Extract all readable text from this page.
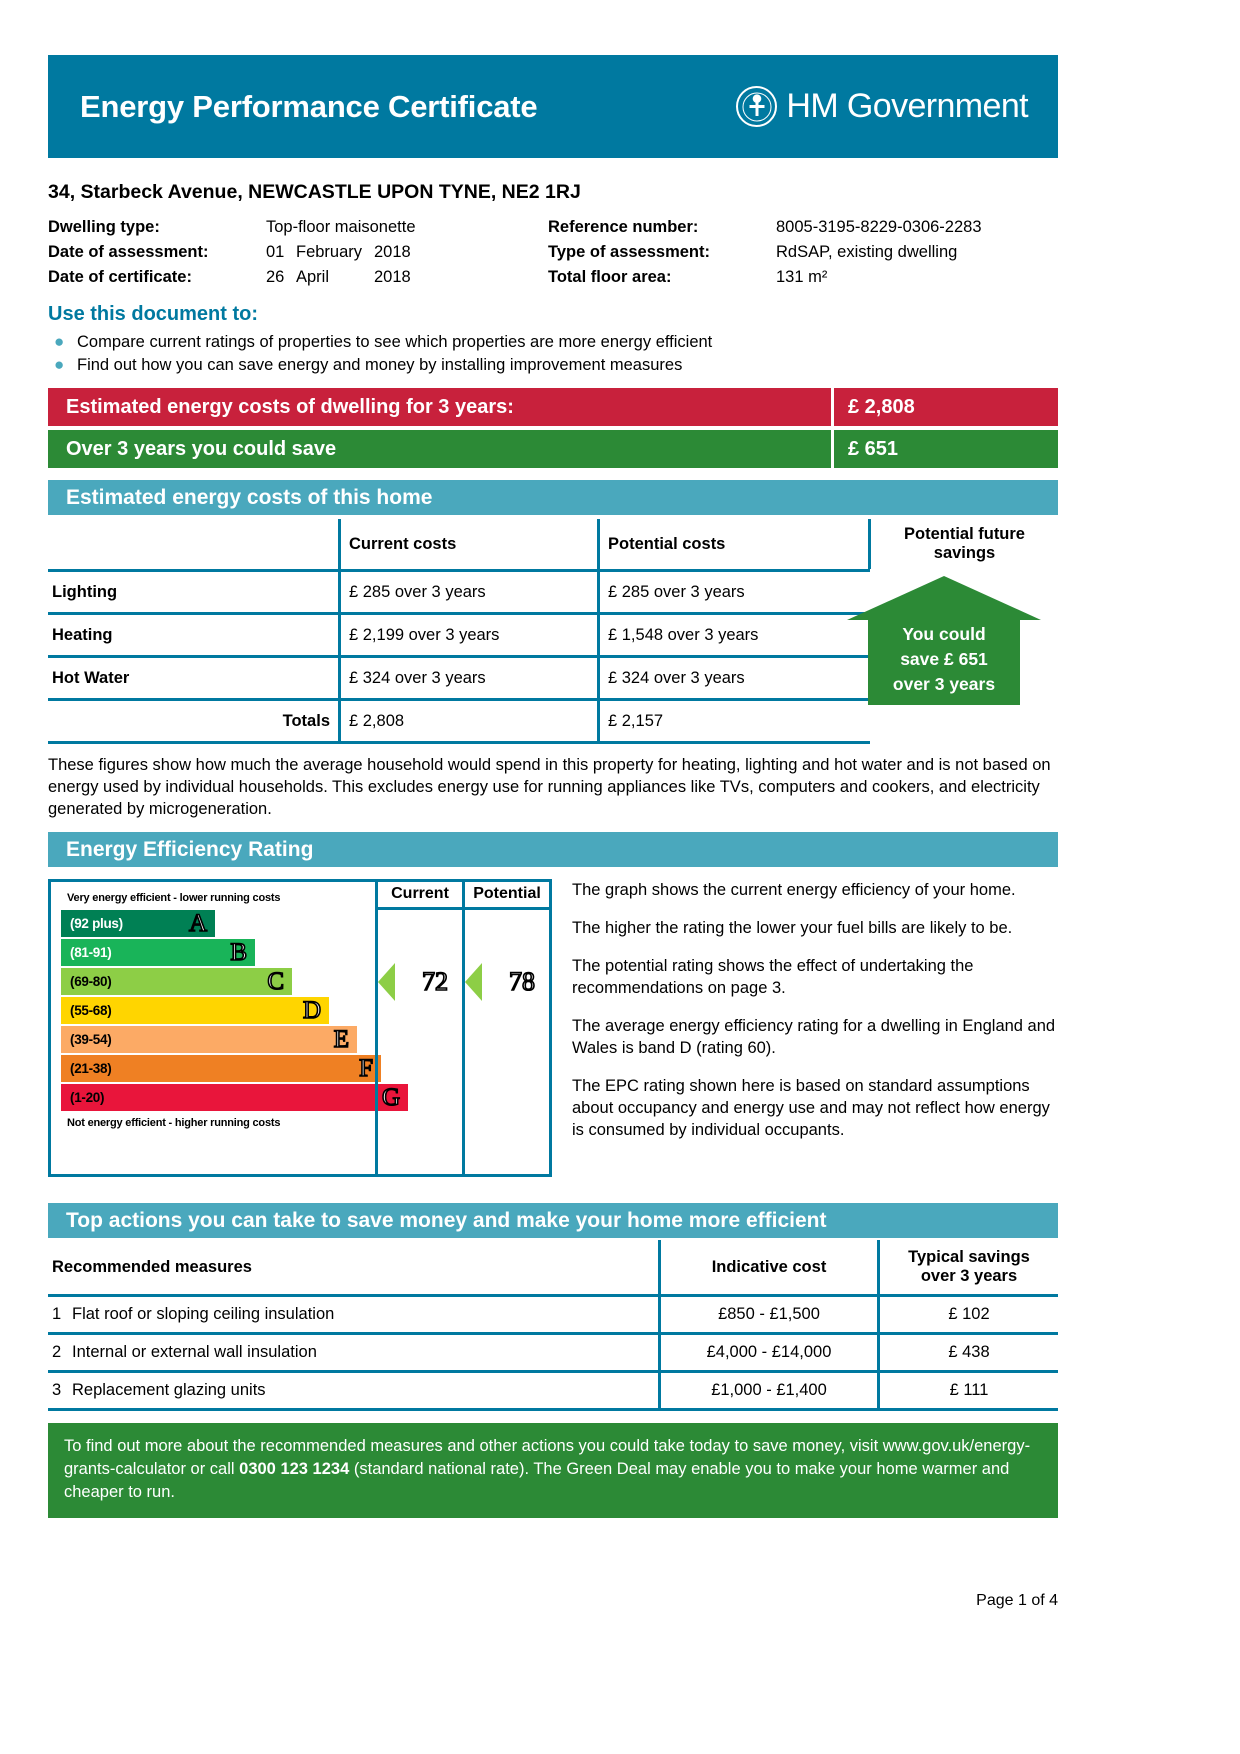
Energy Performance Certificate	HM Government
34, Starbeck Avenue, NEWCASTLE UPON TYNE, NE2 1RJ
Dwelling type:	Top-floor maisonette	Reference number:	8005-3195-8229-0306-2283
Date of assessment:	01 February 2018	Type of assessment:	RdSAP, existing dwelling
Date of certificate:	26 April	2018	Total floor area:	131 m²
Use this document to:
● Compare current ratings of properties to see which properties are more energy efficient
● Find out how you can save energy and money by installing improvement measures
Estimated energy costs of dwelling for 3 years:	£ 2,808
Over 3 years you could save	£ 651
Estimated energy costs of this home
	Current costs	Potential costs	Potential future savings

Lighting	£ 285 over 3 years	£ 285 over 3 years	

Heating	£ 2,199 over 3 years	£ 1,548 over 3 years	

Hot Water	£ 324 over 3 years	£ 324 over 3 years	

Totals	£ 2,808	£ 2,157	

You could
save £ 651
over 3 years
These figures show how much the average household would spend in this property for heating, lighting and hot water and is not based on energy used by individual households. This excludes energy use for running appliances like TVs, computers and cookers, and electricity generated by microgeneration.
Energy Efficiency Rating
Very energy efficient - lower running costs
(92 plus)	A
(81-91)	B
(69-80)	C
(55-68)	D
(39-54)	E
(21-38)	F
(1-20)	G
Not energy efficient - higher running costs
Current
72
Potential
78

The graph shows the current energy efficiency of your home.

The higher the rating the lower your fuel bills are likely to be.

The potential rating shows the effect of undertaking the recommendations on page 3.

The average energy efficiency rating for a dwelling in England and Wales is band D (rating 60).

The EPC rating shown here is based on standard assumptions about occupancy and energy use and may not reflect how energy is consumed by individual occupants.

Top actions you can take to save money and make your home more efficient
Recommended measures	Indicative cost	Typical savings
over 3 years

1 Flat roof or sloping ceiling insulation	£850 - £1,500	£ 102

2 Internal or external wall insulation	£4,000 - £14,000	£ 438

3 Replacement glazing units	£1,000 - £1,400	£ 111

To find out more about the recommended measures and other actions you could take today to save money, visit www.gov.uk/energy-grants-calculator or call 0300 123 1234 (standard national rate). The Green Deal may enable you to make your home warmer and cheaper to run.
Page 1 of 4
